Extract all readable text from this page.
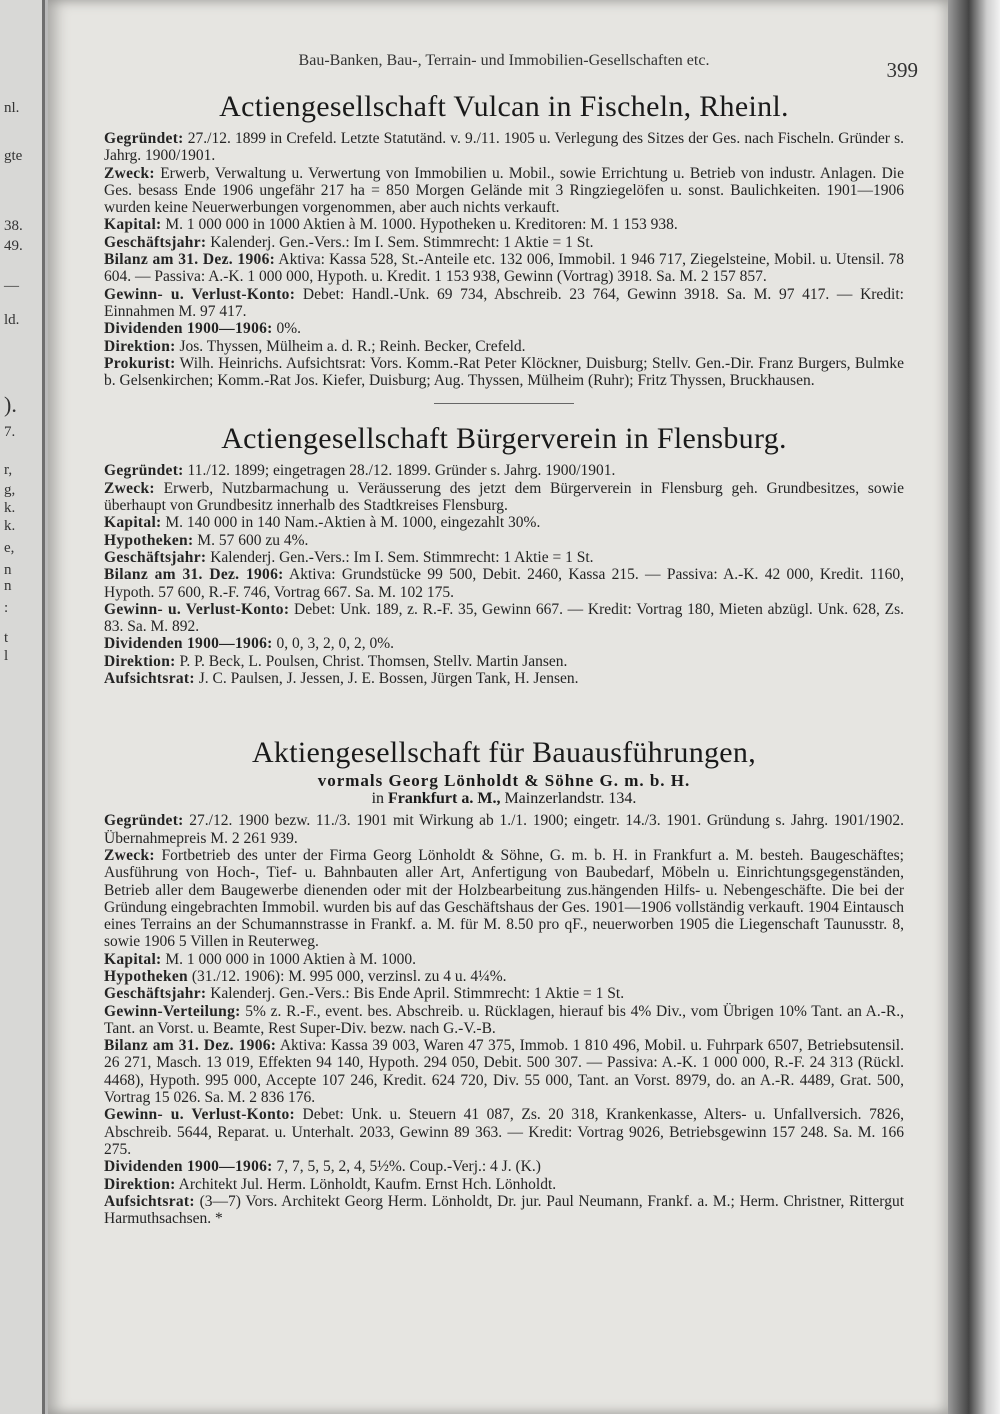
nl.
gte
38.
49.
—
ld.
).
7.
r,
g,
k.
k.
e,
n
n
:
t
l
Bau-Banken, Bau-, Terrain- und Immobilien-Gesellschaften etc.	399
Actiengesellschaft Vulcan in Fischeln, Rheinl.

Gegründet: 27./12. 1899 in Crefeld. Letzte Statutänd. v. 9./11. 1905 u. Verlegung des Sitzes der Ges. nach Fischeln. Gründer s. Jahrg. 1900/1901.

Zweck: Erwerb, Verwaltung u. Verwertung von Immobilien u. Mobil., sowie Errichtung u. Betrieb von industr. Anlagen. Die Ges. besass Ende 1906 ungefähr 217 ha = 850 Morgen Gelände mit 3 Ringziegelöfen u. sonst. Baulichkeiten. 1901—1906 wurden keine Neuerwerbungen vorgenommen, aber auch nichts verkauft.

Kapital: M. 1 000 000 in 1000 Aktien à M. 1000. Hypotheken u. Kreditoren: M. 1 153 938.

Geschäftsjahr: Kalenderj. Gen.-Vers.: Im I. Sem. Stimmrecht: 1 Aktie = 1 St.

Bilanz am 31. Dez. 1906: Aktiva: Kassa 528, St.-Anteile etc. 132 006, Immobil. 1 946 717, Ziegelsteine, Mobil. u. Utensil. 78 604. — Passiva: A.-K. 1 000 000, Hypoth. u. Kredit. 1 153 938, Gewinn (Vortrag) 3918. Sa. M. 2 157 857.

Gewinn- u. Verlust-Konto: Debet: Handl.-Unk. 69 734, Abschreib. 23 764, Gewinn 3918. Sa. M. 97 417. — Kredit: Einnahmen M. 97 417.

Dividenden 1900—1906: 0%.

Direktion: Jos. Thyssen, Mülheim a. d. R.; Reinh. Becker, Crefeld.

Prokurist: Wilh. Heinrichs. Aufsichtsrat: Vors. Komm.-Rat Peter Klöckner, Duisburg; Stellv. Gen.-Dir. Franz Burgers, Bulmke b. Gelsenkirchen; Komm.-Rat Jos. Kiefer, Duisburg; Aug. Thyssen, Mülheim (Ruhr); Fritz Thyssen, Bruckhausen.

Actiengesellschaft Bürgerverein in Flensburg.

Gegründet: 11./12. 1899; eingetragen 28./12. 1899. Gründer s. Jahrg. 1900/1901.

Zweck: Erwerb, Nutzbarmachung u. Veräusserung des jetzt dem Bürgerverein in Flensburg geh. Grundbesitzes, sowie überhaupt von Grundbesitz innerhalb des Stadtkreises Flensburg.

Kapital: M. 140 000 in 140 Nam.-Aktien à M. 1000, eingezahlt 30%.

Hypotheken: M. 57 600 zu 4%.

Geschäftsjahr: Kalenderj. Gen.-Vers.: Im I. Sem. Stimmrecht: 1 Aktie = 1 St.

Bilanz am 31. Dez. 1906: Aktiva: Grundstücke 99 500, Debit. 2460, Kassa 215. — Passiva: A.-K. 42 000, Kredit. 1160, Hypoth. 57 600, R.-F. 746, Vortrag 667. Sa. M. 102 175.

Gewinn- u. Verlust-Konto: Debet: Unk. 189, z. R.-F. 35, Gewinn 667. — Kredit: Vortrag 180, Mieten abzügl. Unk. 628, Zs. 83. Sa. M. 892.

Dividenden 1900—1906: 0, 0, 3, 2, 0, 2, 0%.

Direktion: P. P. Beck, L. Poulsen, Christ. Thomsen, Stellv. Martin Jansen.

Aufsichtsrat: J. C. Paulsen, J. Jessen, J. E. Bossen, Jürgen Tank, H. Jensen.

Aktiengesellschaft für Bauausführungen,
vormals Georg Lönholdt & Söhne G. m. b. H.
in Frankfurt a. M., Mainzerlandstr. 134.

Gegründet: 27./12. 1900 bezw. 11./3. 1901 mit Wirkung ab 1./1. 1900; eingetr. 14./3. 1901. Gründung s. Jahrg. 1901/1902. Übernahmepreis M. 2 261 939.

Zweck: Fortbetrieb des unter der Firma Georg Lönholdt & Söhne, G. m. b. H. in Frankfurt a. M. besteh. Baugeschäftes; Ausführung von Hoch-, Tief- u. Bahnbauten aller Art, Anfertigung von Baubedarf, Möbeln u. Einrichtungsgegenständen, Betrieb aller dem Baugewerbe dienenden oder mit der Holzbearbeitung zus.hängenden Hilfs- u. Nebengeschäfte. Die bei der Gründung eingebrachten Immobil. wurden bis auf das Geschäftshaus der Ges. 1901—1906 vollständig verkauft. 1904 Eintausch eines Terrains an der Schumannstrasse in Frankf. a. M. für M. 8.50 pro qF., neuerworben 1905 die Liegenschaft Taunusstr. 8, sowie 1906 5 Villen in Reuterweg.

Kapital: M. 1 000 000 in 1000 Aktien à M. 1000.

Hypotheken (31./12. 1906): M. 995 000, verzinsl. zu 4 u. 4¼%.

Geschäftsjahr: Kalenderj. Gen.-Vers.: Bis Ende April. Stimmrecht: 1 Aktie = 1 St.

Gewinn-Verteilung: 5% z. R.-F., event. bes. Abschreib. u. Rücklagen, hierauf bis 4% Div., vom Übrigen 10% Tant. an A.-R., Tant. an Vorst. u. Beamte, Rest Super-Div. bezw. nach G.-V.-B.

Bilanz am 31. Dez. 1906: Aktiva: Kassa 39 003, Waren 47 375, Immob. 1 810 496, Mobil. u. Fuhrpark 6507, Betriebsutensil. 26 271, Masch. 13 019, Effekten 94 140, Hypoth. 294 050, Debit. 500 307. — Passiva: A.-K. 1 000 000, R.-F. 24 313 (Rückl. 4468), Hypoth. 995 000, Accepte 107 246, Kredit. 624 720, Div. 55 000, Tant. an Vorst. 8979, do. an A.-R. 4489, Grat. 500, Vortrag 15 026. Sa. M. 2 836 176.

Gewinn- u. Verlust-Konto: Debet: Unk. u. Steuern 41 087, Zs. 20 318, Krankenkasse, Alters- u. Unfallversich. 7826, Abschreib. 5644, Reparat. u. Unterhalt. 2033, Gewinn 89 363. — Kredit: Vortrag 9026, Betriebsgewinn 157 248. Sa. M. 166 275.

Dividenden 1900—1906: 7, 7, 5, 5, 2, 4, 5½%. Coup.-Verj.: 4 J. (K.)

Direktion: Architekt Jul. Herm. Lönholdt, Kaufm. Ernst Hch. Lönholdt.

Aufsichtsrat: (3—7) Vors. Architekt Georg Herm. Lönholdt, Dr. jur. Paul Neumann, Frankf. a. M.; Herm. Christner, Rittergut Harmuthsachsen. *
